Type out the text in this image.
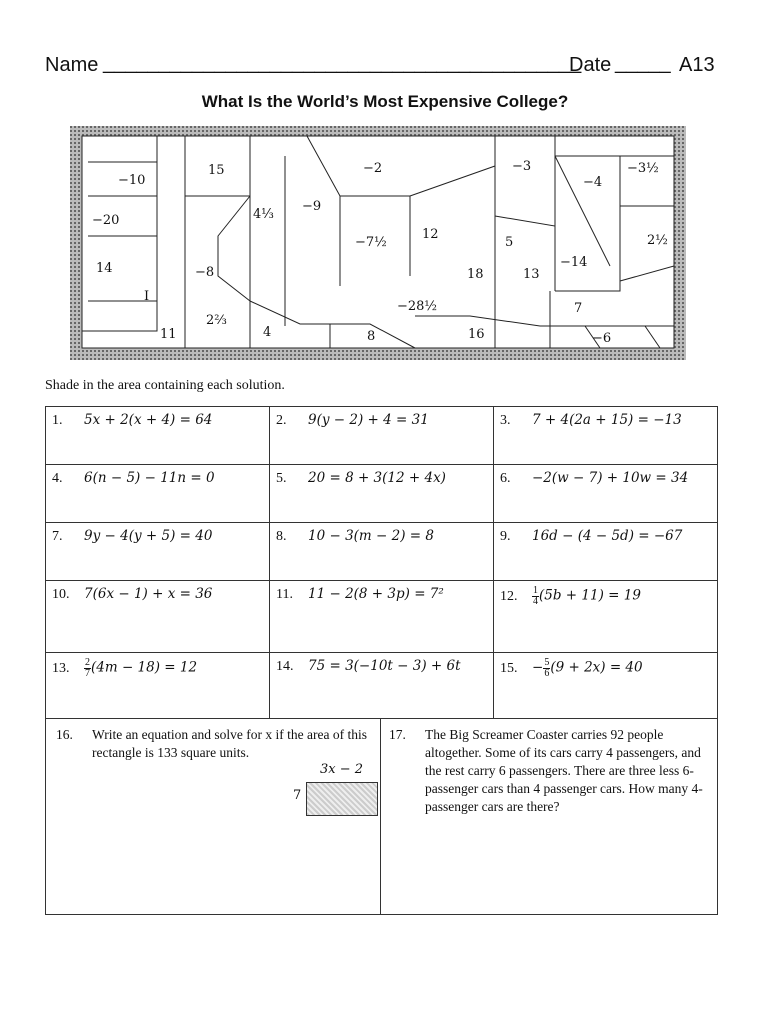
Name ___________________________________________
Date _____ A13
What Is the World’s Most Expensive College?
−10
15	−2	−3
−4
−3½
−20	4⅓
−9
−7½
12
5	2½
14	−8	18	13
−14
I
2⅔
−28½	7
11	4	8	16	−6
Shade in the area containing each solution.
1. 5x + 2(x + 4) = 64	2. 9(y − 2) + 4 = 31	3. 7 + 4(2a + 15) = −13
4. 6(n − 5) − 11n = 0	5. 20 = 8 + 3(12 + 4x)	6. −2(w − 7) + 10w = 34
7. 9y − 4(y + 5) = 40	8. 10 − 3(m − 2) = 8	9. 16d − (4 − 5d) = −67
10. 7(6x − 1) + x = 36	11. 11 − 2(8 + 3p) = 7²	12. $\frac{1}{4} (5b + 11) = 19$
13. $\frac{2}{7} (4m - 18) = 12$	14. 75 = 3(−10t − 3) + 6t	15. − $\frac{5}{6} (9 + 2x) = 40$
16. Write an equation and solve for x if the area of this rectangle is 133 square units.
3x − 2
7
17. The Big Screamer Coaster carries 92 people altogether. Some of its cars carry 4 passengers, and the rest carry 6 passengers. There are three less 6-passenger cars than 4 passenger cars. How many 4-passenger cars are there?
